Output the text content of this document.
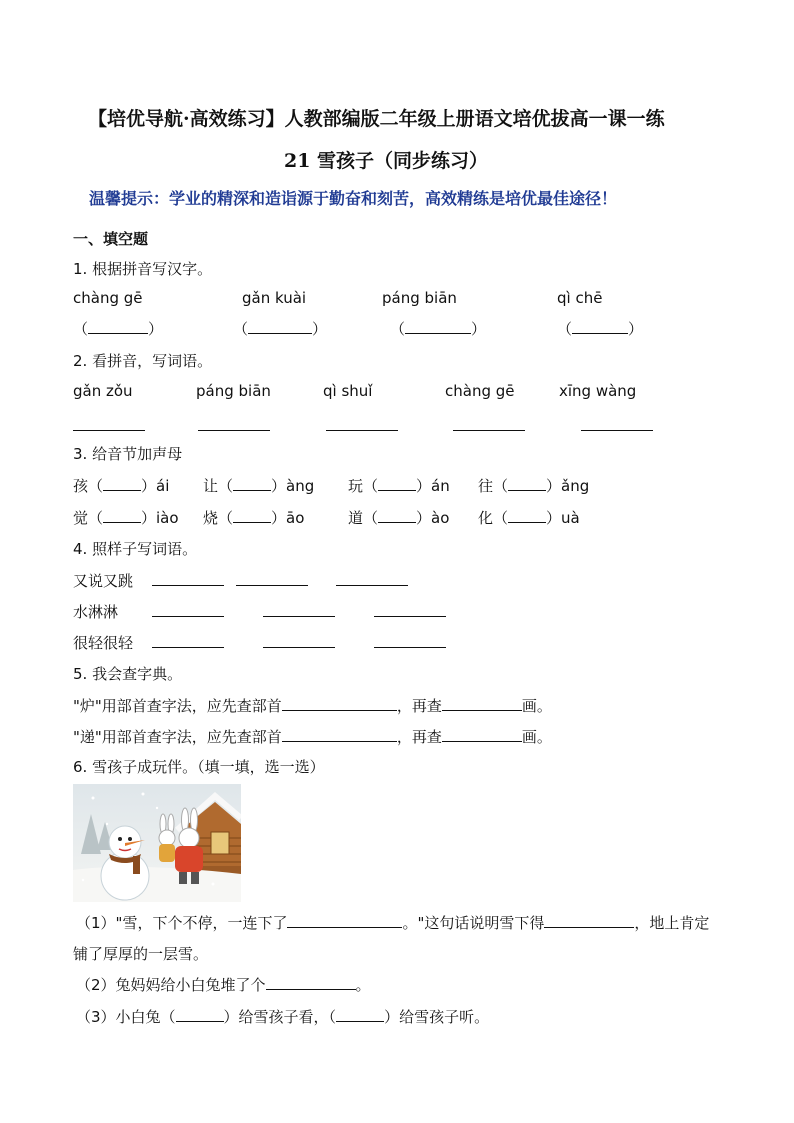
【培优导航·高效练习】人教部编版二年级上册语文培优拔高一课一练
21 雪孩子（同步练习）
温馨提示：学业的精深和造诣源于勤奋和刻苦，高效精练是培优最佳途径！
一、填空题
1. 根据拼音写汉字。
chàng gē	gǎn kuài	páng biān	qì chē
（	）	（	）	（	）	（	）
2. 看拼音，写词语。
gǎn zǒu	páng biān	qì shuǐ	chàng gē	xīng wàng
3. 给音节加声母
孩（	）ái 让（	）àng 玩（	）án 往（	）ǎng
觉（	）iào 烧（	）āo	道（	）ào 化（	）uà
4. 照样子写词语。
又说又跳
水淋淋
很轻很轻
5. 我会查字典。
"炉"用部首查字法，应先查部首	，再查	画。
"递"用部首查字法，应先查部首	，再查	画。
6. 雪孩子成玩伴。（填一填，选一选）
（1）"雪，下个不停，一连下了	。"这句话说明雪下得	，地上肯定
铺了厚厚的一层雪。
（2）兔妈妈给小白兔堆了个	。
（3）小白兔（	）给雪孩子看，（	）给雪孩子听。
